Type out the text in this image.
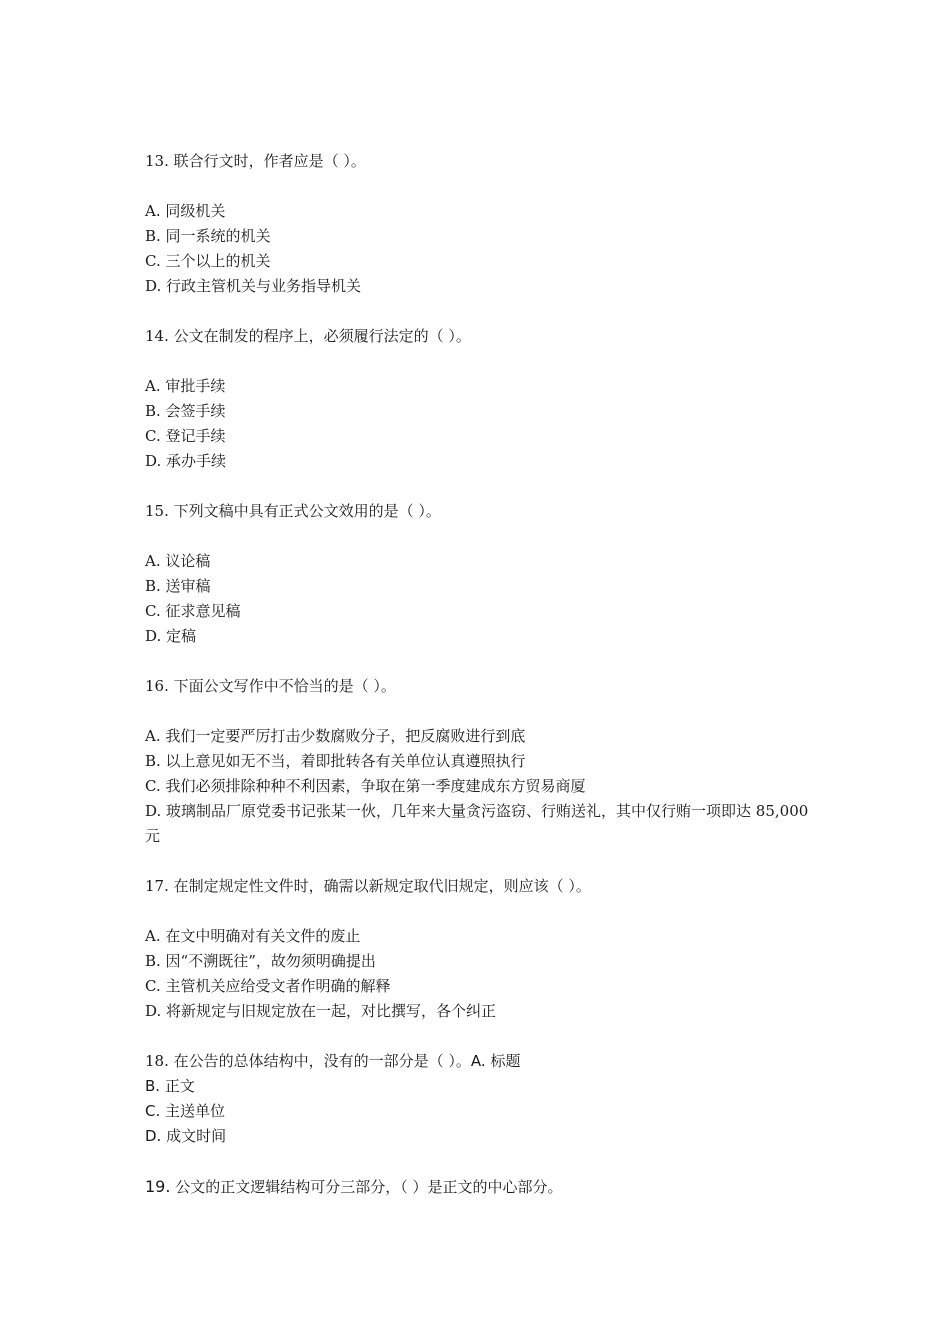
13. 联合行文时，作者应是（ ）。
A. 同级机关
B. 同一系统的机关
C. 三个以上的机关
D. 行政主管机关与业务指导机关
14. 公文在制发的程序上，必须履行法定的（ ）。
A. 审批手续
B. 会签手续
C. 登记手续
D. 承办手续
15. 下列文稿中具有正式公文效用的是（ ）。
A. 议论稿
B. 送审稿
C. 征求意见稿
D. 定稿
16. 下面公文写作中不恰当的是（ ）。
A. 我们一定要严厉打击少数腐败分子，把反腐败进行到底
B. 以上意见如无不当，着即批转各有关单位认真遵照执行
C. 我们必须排除种种不利因素，争取在第一季度建成东方贸易商厦
D. 玻璃制品厂原党委书记张某一伙，几年来大量贪污盗窃、行贿送礼，其中仅行贿一项即达 85,000 元
17. 在制定规定性文件时，确需以新规定取代旧规定，则应该（ ）。
A. 在文中明确对有关文件的废止
B. 因“不溯既往”，故勿须明确提出
C. 主管机关应给受文者作明确的解释
D. 将新规定与旧规定放在一起，对比撰写，各个纠正
18. 在公告的总体结构中，没有的一部分是（ ）。A. 标题
B. 正文
C. 主送单位
D. 成文时间
19. 公文的正文逻辑结构可分三部分，（ ）是正文的中心部分。
